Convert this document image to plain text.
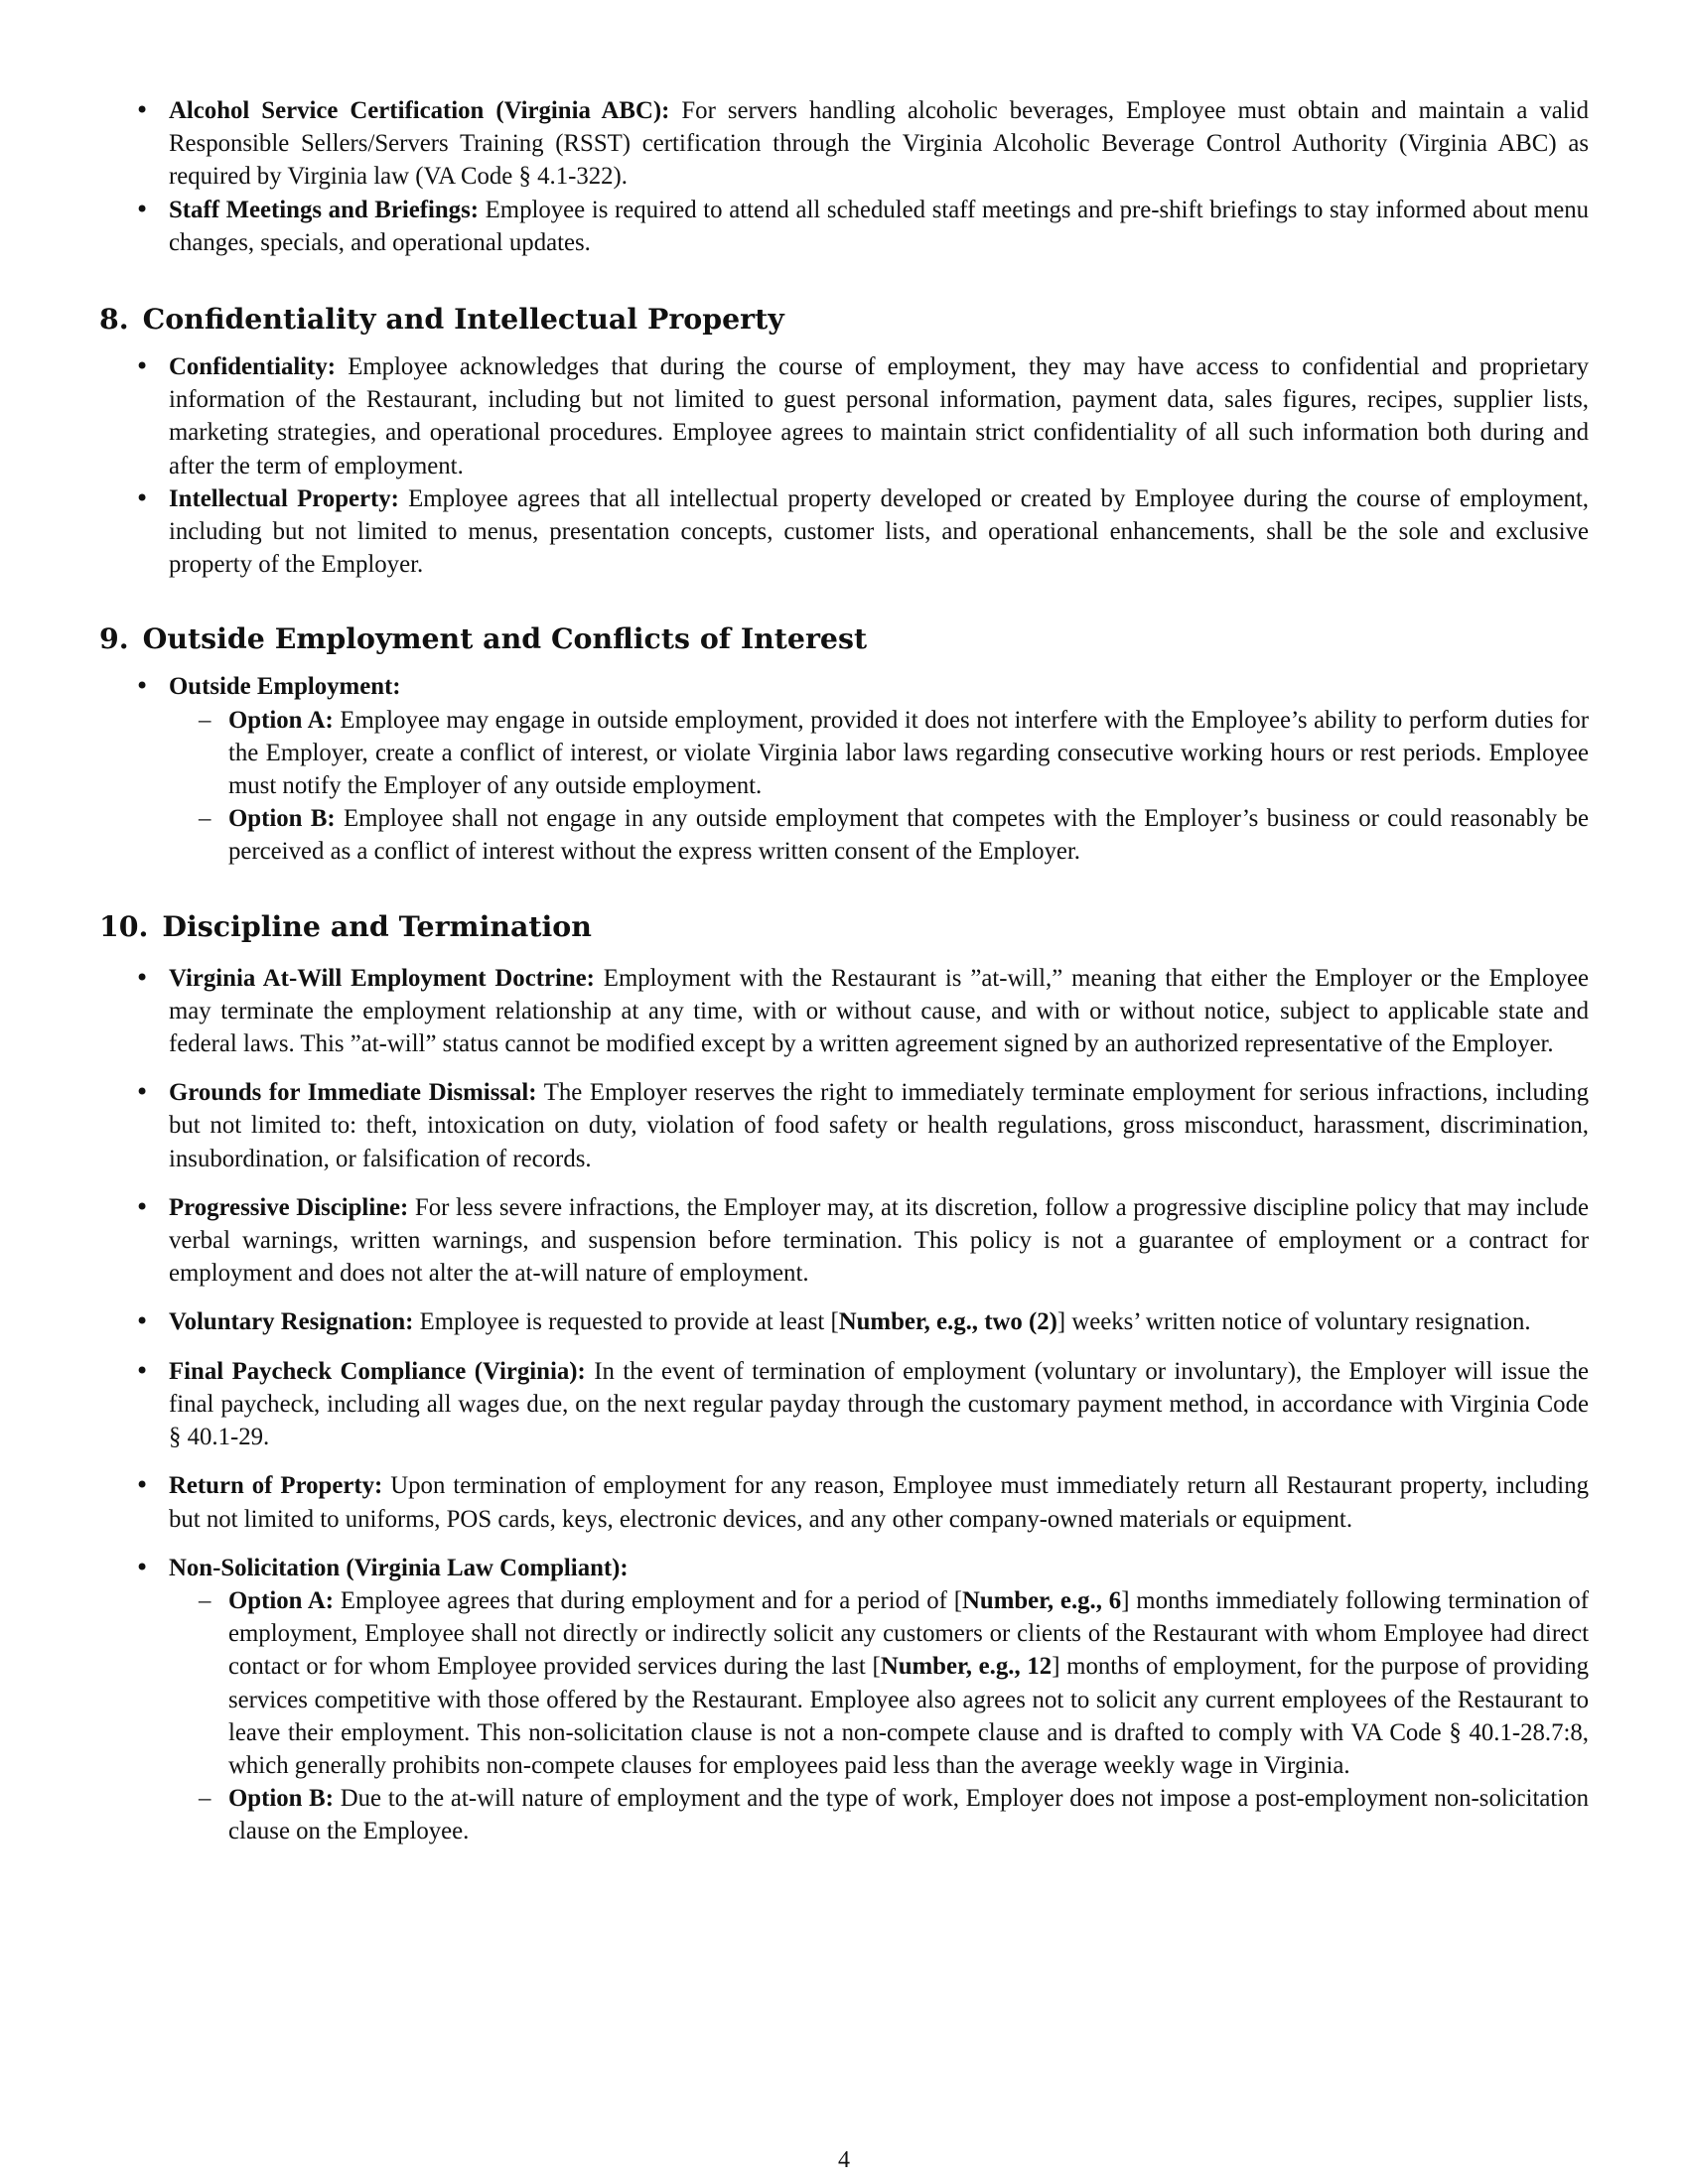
• Alcohol Service Certification (Virginia ABC): For servers handling alcoholic beverages, Employee must obtain and maintain a valid Responsible Sellers/Servers Training (RSST) certification through the Virginia Alcoholic Beverage Control Authority (Virginia ABC) as required by Virginia law (VA Code § 4.1-322).
• Staff Meetings and Briefings: Employee is required to attend all scheduled staff meetings and pre-shift briefings to stay informed about menu changes, specials, and operational updates.
8. Confidentiality and Intellectual Property
• Confidentiality: Employee acknowledges that during the course of employment, they may have access to confidential and proprietary information of the Restaurant, including but not limited to guest personal information, payment data, sales figures, recipes, supplier lists, marketing strategies, and operational procedures. Employee agrees to maintain strict confidentiality of all such information both during and after the term of employment.
• Intellectual Property: Employee agrees that all intellectual property developed or created by Employee during the course of employment, including but not limited to menus, presentation concepts, customer lists, and operational enhancements, shall be the sole and exclusive property of the Employer.
9. Outside Employment and Conflicts of Interest
• Outside Employment:
– Option A: Employee may engage in outside employment, provided it does not interfere with the Employee’s ability to perform duties for the Employer, create a conflict of interest, or violate Virginia labor laws regarding consecutive working hours or rest periods. Employee must notify the Employer of any outside employment.
– Option B: Employee shall not engage in any outside employment that competes with the Employer’s business or could reasonably be perceived as a conflict of interest without the express written consent of the Employer.
10. Discipline and Termination
• Virginia At-Will Employment Doctrine: Employment with the Restaurant is ”at-will,” meaning that either the Employer or the Employee may terminate the employment relationship at any time, with or without cause, and with or without notice, subject to applicable state and federal laws. This ”at-will” status cannot be modified except by a written agreement signed by an authorized representative of the Employer.
• Grounds for Immediate Dismissal: The Employer reserves the right to immediately terminate employment for serious infractions, including but not limited to: theft, intoxication on duty, violation of food safety or health regulations, gross misconduct, harassment, discrimination, insubordination, or falsification of records.
• Progressive Discipline: For less severe infractions, the Employer may, at its discretion, follow a progressive discipline policy that may include verbal warnings, written warnings, and suspension before termination. This policy is not a guarantee of employment or a contract for employment and does not alter the at-will nature of employment.
• Voluntary Resignation: Employee is requested to provide at least [Number, e.g., two (2)] weeks’ written notice of voluntary resignation.
• Final Paycheck Compliance (Virginia): In the event of termination of employment (voluntary or involuntary), the Employer will issue the final paycheck, including all wages due, on the next regular payday through the customary payment method, in accordance with Virginia Code § 40.1-29.
• Return of Property: Upon termination of employment for any reason, Employee must immediately return all Restaurant property, including but not limited to uniforms, POS cards, keys, electronic devices, and any other company-owned materials or equipment.
• Non-Solicitation (Virginia Law Compliant):
– Option A: Employee agrees that during employment and for a period of [Number, e.g., 6] months immediately following termination of employment, Employee shall not directly or indirectly solicit any customers or clients of the Restaurant with whom Employee had direct contact or for whom Employee provided services during the last [Number, e.g., 12] months of employment, for the purpose of providing services competitive with those offered by the Restaurant. Employee also agrees not to solicit any current employees of the Restaurant to leave their employment. This non-solicitation clause is not a non-compete clause and is drafted to comply with VA Code § 40.1-28.7:8, which generally prohibits non-compete clauses for employees paid less than the average weekly wage in Virginia.
– Option B: Due to the at-will nature of employment and the type of work, Employer does not impose a post-employment non-solicitation clause on the Employee.
4
